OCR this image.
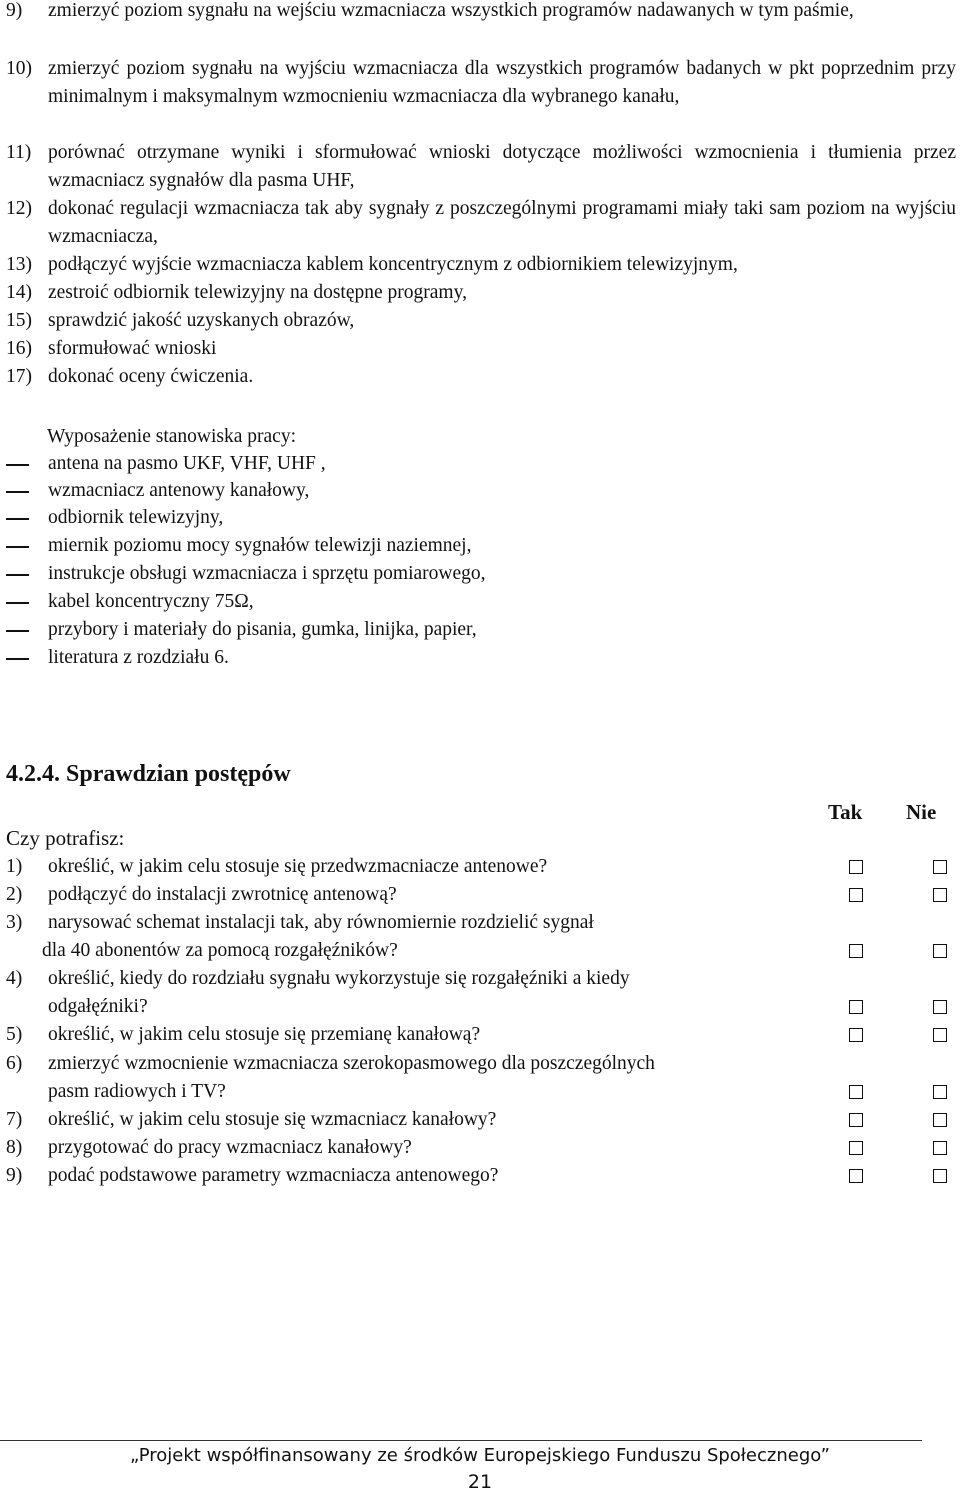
9) zmierzyć poziom sygnału na wejściu wzmacniacza wszystkich programów nadawanych w tym paśmie,
10) zmierzyć poziom sygnału na wyjściu wzmacniacza dla wszystkich programów badanych w pkt poprzednim przy minimalnym i maksymalnym wzmocnieniu wzmacniacza dla wybranego kanału,
11) porównać otrzymane wyniki i sformułować wnioski dotyczące możliwości wzmocnienia i tłumienia przez wzmacniacz sygnałów dla pasma UHF,
12) dokonać regulacji wzmacniacza tak aby sygnały z poszczególnymi programami miały taki sam poziom na wyjściu wzmacniacza,
13) podłączyć wyjście wzmacniacza kablem koncentrycznym z odbiornikiem telewizyjnym,
14) zestroić odbiornik telewizyjny na dostępne programy,
15) sprawdzić jakość uzyskanych obrazów,
16) sformułować wnioski
17) dokonać oceny ćwiczenia.
Wyposażenie stanowiska pracy:
antena na pasmo UKF, VHF, UHF ,
wzmacniacz antenowy kanałowy,
odbiornik telewizyjny,
miernik poziomu mocy sygnałów telewizji naziemnej,
instrukcje obsługi wzmacniacza i sprzętu pomiarowego,
kabel koncentryczny 75Ω,
przybory i materiały do pisania, gumka, linijka, papier,
literatura z rozdziału 6.
4.2.4. Sprawdzian postępów
Tak Nie
Czy potrafisz:
1) określić, w jakim celu stosuje się przedwzmacniacze antenowe?
2) podłączyć do instalacji zwrotnicę antenową?
3) narysować schemat instalacji tak, aby równomiernie rozdzielić sygnał
dla 40 abonentów za pomocą rozgałęźników?
4) określić, kiedy do rozdziału sygnału wykorzystuje się rozgałęźniki a kiedy
odgałęźniki?
5) określić, w jakim celu stosuje się przemianę kanałową?
6) zmierzyć wzmocnienie wzmacniacza szerokopasmowego dla poszczególnych
pasm radiowych i TV?
7) określić, w jakim celu stosuje się wzmacniacz kanałowy?
8) przygotować do pracy wzmacniacz kanałowy?
9) podać podstawowe parametry wzmacniacza antenowego?
„Projekt współfinansowany ze środków Europejskiego Funduszu Społecznego”
21
